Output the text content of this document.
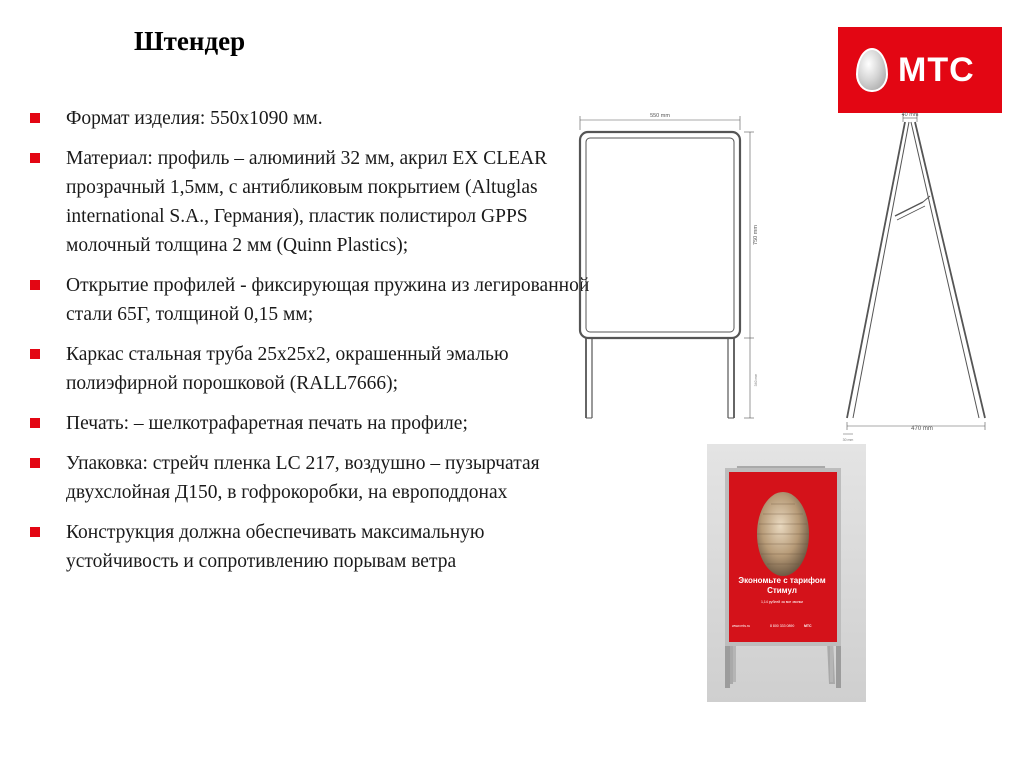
Штендер
МТС
Формат изделия: 550х1090 мм.
Материал: профиль – алюминий 32 мм, акрил ЕХ CLEAR прозрачный 1,5мм, с антибликовым покрытием (Altuglas international S.A., Германия), пластик полистирол GPPS молочный толщина 2 мм (Quinn Plastics);
Открытие профилей - фиксирующая пружина из легированной стали 65Г, толщиной 0,15 мм;
Каркас стальная труба 25х25х2, окрашенный эмалью полиэфирной порошковой (RALL7666);
Печать: – шелкотрафаретная печать на профиле;
Упаковка: стрейч пленка LC 217, воздушно – пузырчатая двухслойная Д150, в гофрокоробки, на европоддонах
Конструкция должна обеспечивать максимальную устойчивость и сопротивлению порывам ветра
550 mm
750 mm
340 mm
40 mm
470 mm
30 mm
Экономьте с тарифом Стимул
1,14 рублей за все звонки
www.mts.ru	МТС
8 800 333 0890
